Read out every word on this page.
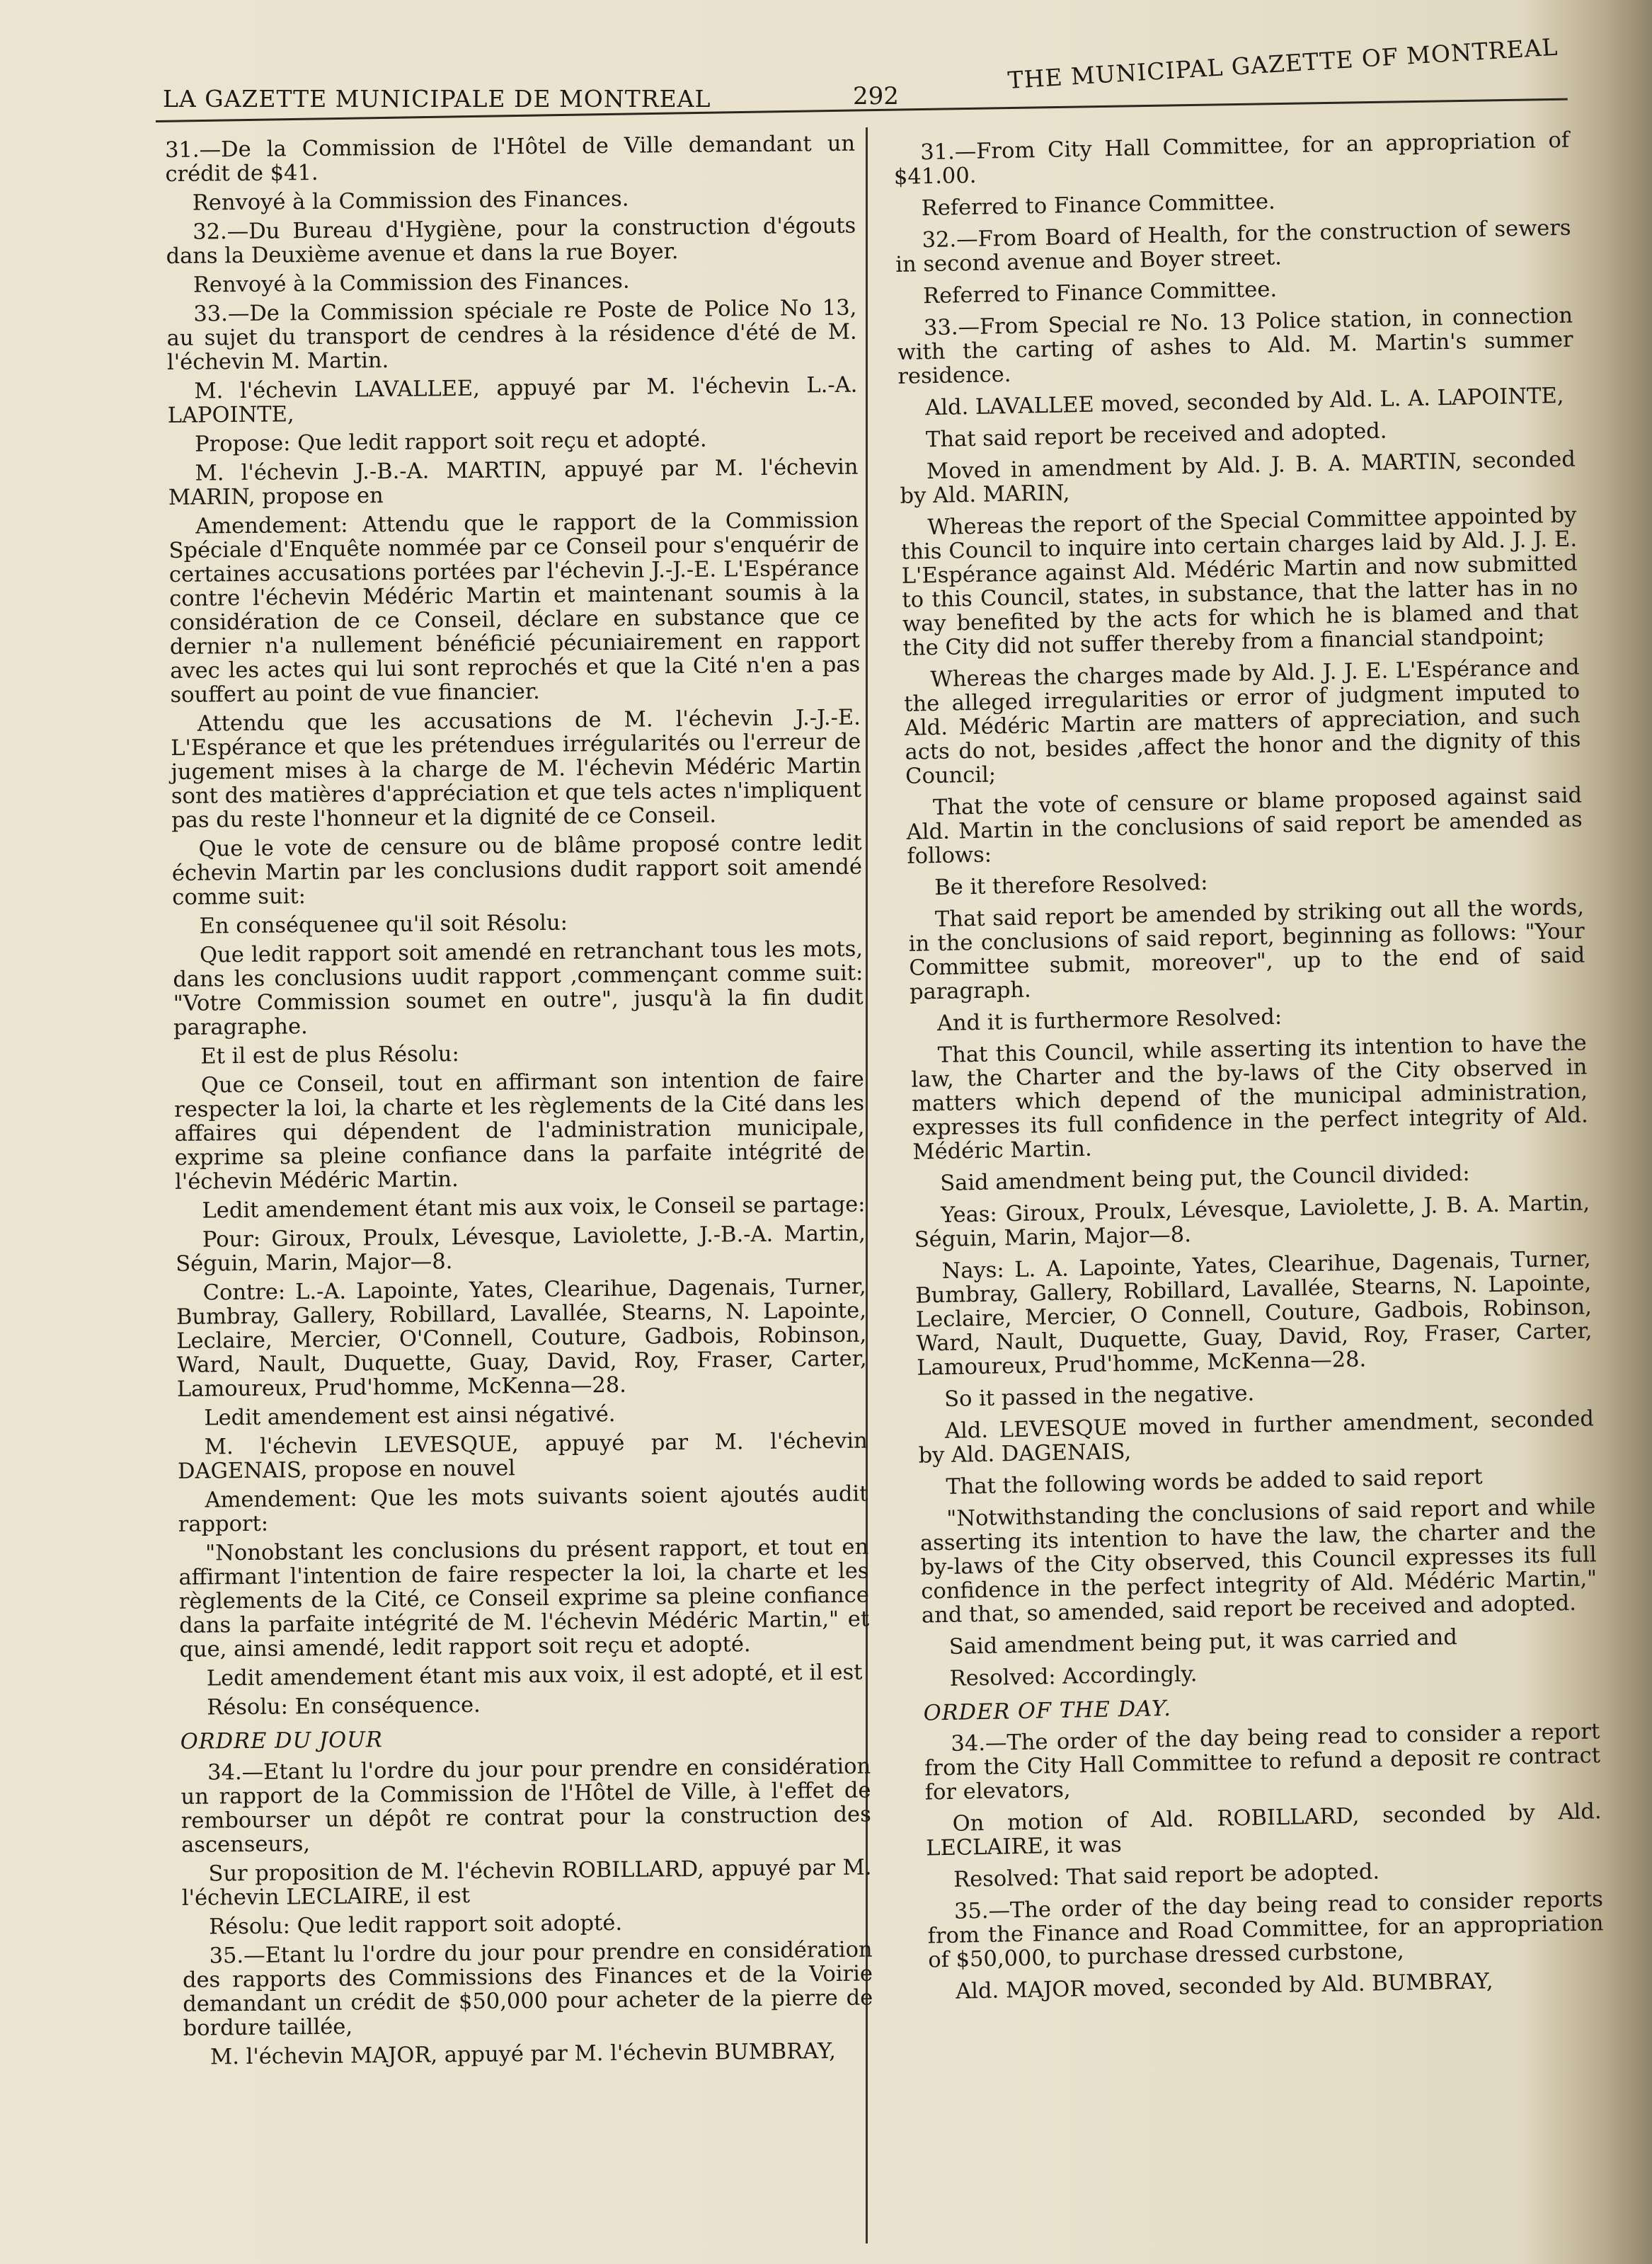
LA GAZETTE MUNICIPALE DE MONTREAL	292
THE MUNICIPAL GAZETTE OF MONTREAL

31.—De la Commission de l'Hôtel de Ville demandant un crédit de $41.

Renvoyé à la Commission des Finances.

32.—Du Bureau d'Hygiène, pour la construction d'égouts dans la Deuxième avenue et dans la rue Boyer.

Renvoyé à la Commission des Finances.

33.—De la Commission spéciale re Poste de Police No 13, au sujet du transport de cendres à la résidence d'été de M. l'échevin M. Martin.

M. l'échevin LAVALLEE, appuyé par M. l'échevin L.-A. LAPOINTE,

Propose: Que ledit rapport soit reçu et adopté.

M. l'échevin J.-B.-A. MARTIN, appuyé par M. l'échevin MARIN, propose en

Amendement: Attendu que le rapport de la Commission Spéciale d'Enquête nommée par ce Conseil pour s'enquérir de certaines accusations portées par l'échevin J.-J.-E. L'Espérance contre l'échevin Médéric Martin et maintenant soumis à la considération de ce Conseil, déclare en substance que ce dernier n'a nullement bénéficié pécuniairement en rapport avec les actes qui lui sont reprochés et que la Cité n'en a pas souffert au point de vue financier.

Attendu que les accusations de M. l'échevin J.-J.-E. L'Espérance et que les prétendues irrégularités ou l'erreur de jugement mises à la charge de M. l'échevin Médéric Martin sont des matières d'appréciation et que tels actes n'impliquent pas du reste l'honneur et la dignité de ce Conseil.

Que le vote de censure ou de blâme proposé contre ledit échevin Martin par les conclusions dudit rapport soit amendé comme suit:

En conséquenee qu'il soit Résolu:

Que ledit rapport soit amendé en retranchant tous les mots, dans les conclusions uudit rapport ,commençant comme suit: "Votre Commission soumet en outre", jusqu'à la fin dudit paragraphe.

Et il est de plus Résolu:

Que ce Conseil, tout en affirmant son intention de faire respecter la loi, la charte et les règlements de la Cité dans les affaires qui dépendent de l'administration municipale, exprime sa pleine confiance dans la parfaite intégrité de l'échevin Médéric Martin.

Ledit amendement étant mis aux voix, le Conseil se partage:

Pour: Giroux, Proulx, Lévesque, Laviolette, J.-B.-A. Martin, Séguin, Marin, Major—8.

Contre: L.-A. Lapointe, Yates, Clearihue, Dagenais, Turner, Bumbray, Gallery, Robillard, Lavallée, Stearns, N. Lapointe, Leclaire, Mercier, O'Connell, Couture, Gadbois, Robinson, Ward, Nault, Duquette, Guay, David, Roy, Fraser, Carter, Lamoureux, Prud'homme, McKenna—28.

Ledit amendement est ainsi négativé.

M. l'échevin LEVESQUE, appuyé par M. l'échevin DAGENAIS, propose en nouvel

Amendement: Que les mots suivants soient ajoutés audit rapport:

"Nonobstant les conclusions du présent rapport, et tout en affirmant l'intention de faire respecter la loi, la charte et les règlements de la Cité, ce Conseil exprime sa pleine confiance dans la parfaite intégrité de M. l'échevin Médéric Martin," et que, ainsi amendé, ledit rapport soit reçu et adopté.

Ledit amendement étant mis aux voix, il est adopté, et il est

Résolu: En conséquence.

ORDRE DU JOUR

34.—Etant lu l'ordre du jour pour prendre en considération un rapport de la Commission de l'Hôtel de Ville, à l'effet de rembourser un dépôt re contrat pour la construction des ascenseurs,

Sur proposition de M. l'échevin ROBILLARD, appuyé par M. l'échevin LECLAIRE, il est

Résolu: Que ledit rapport soit adopté.

35.—Etant lu l'ordre du jour pour prendre en considération des rapports des Commissions des Finances et de la Voirie demandant un crédit de $50,000 pour acheter de la pierre de bordure taillée,

M. l'échevin MAJOR, appuyé par M. l'échevin BUMBRAY,

31.—From City Hall Committee, for an appropriation of $41.00.

Referred to Finance Committee.

32.—From Board of Health, for the construction of sewers in second avenue and Boyer street.

Referred to Finance Committee.

33.—From Special re No. 13 Police station, in connection with the carting of ashes to Ald. M. Martin's summer residence.

Ald. LAVALLEE moved, seconded by Ald. L. A. LAPOINTE,

That said report be received and adopted.

Moved in amendment by Ald. J. B. A. MARTIN, seconded by Ald. MARIN,

Whereas the report of the Special Committee appointed by this Council to inquire into certain charges laid by Ald. J. J. E. L'Espérance against Ald. Médéric Martin and now submitted to this Council, states, in substance, that the latter has in no way benefited by the acts for which he is blamed and that the City did not suffer thereby from a financial standpoint;

Whereas the charges made by Ald. J. J. E. L'Espérance and the alleged irregularities or error of judgment imputed to Ald. Médéric Martin are matters of appreciation, and such acts do not, besides ,affect the honor and the dignity of this Council;

That the vote of censure or blame proposed against said Ald. Martin in the conclusions of said report be amended as follows:

Be it therefore Resolved:

That said report be amended by striking out all the words, in the conclusions of said report, beginning as follows: "Your Committee submit, moreover", up to the end of said paragraph.

And it is furthermore Resolved:

That this Council, while asserting its intention to have the law, the Charter and the by-laws of the City observed in matters which depend of the municipal administration, expresses its full confidence in the perfect integrity of Ald. Médéric Martin.

Said amendment being put, the Council divided:

Yeas: Giroux, Proulx, Lévesque, Laviolette, J. B. A. Martin, Séguin, Marin, Major—8.

Nays: L. A. Lapointe, Yates, Clearihue, Dagenais, Turner, Bumbray, Gallery, Robillard, Lavallée, Stearns, N. Lapointe, Leclaire, Mercier, O Connell, Couture, Gadbois, Robinson, Ward, Nault, Duquette, Guay, David, Roy, Fraser, Carter, Lamoureux, Prud'homme, McKenna—28.

So it passed in the negative.

Ald. LEVESQUE moved in further amendment, seconded by Ald. DAGENAIS,

That the following words be added to said report

"Notwithstanding the conclusions of said report and while asserting its intention to have the law, the charter and the by-laws of the City observed, this Council expresses its full confidence in the perfect integrity of Ald. Médéric Martin," and that, so amended, said report be received and adopted.

Said amendment being put, it was carried and

Resolved: Accordingly.

ORDER OF THE DAY.

34.—The order of the day being read to consider a report from the City Hall Committee to refund a deposit re contract for elevators,

On motion of Ald. ROBILLARD, seconded by Ald. LECLAIRE, it was

Resolved: That said report be adopted.

35.—The order of the day being read to consider reports from the Finance and Road Committee, for an appropriation of $50,000, to purchase dressed curbstone,

Ald. MAJOR moved, seconded by Ald. BUMBRAY,
